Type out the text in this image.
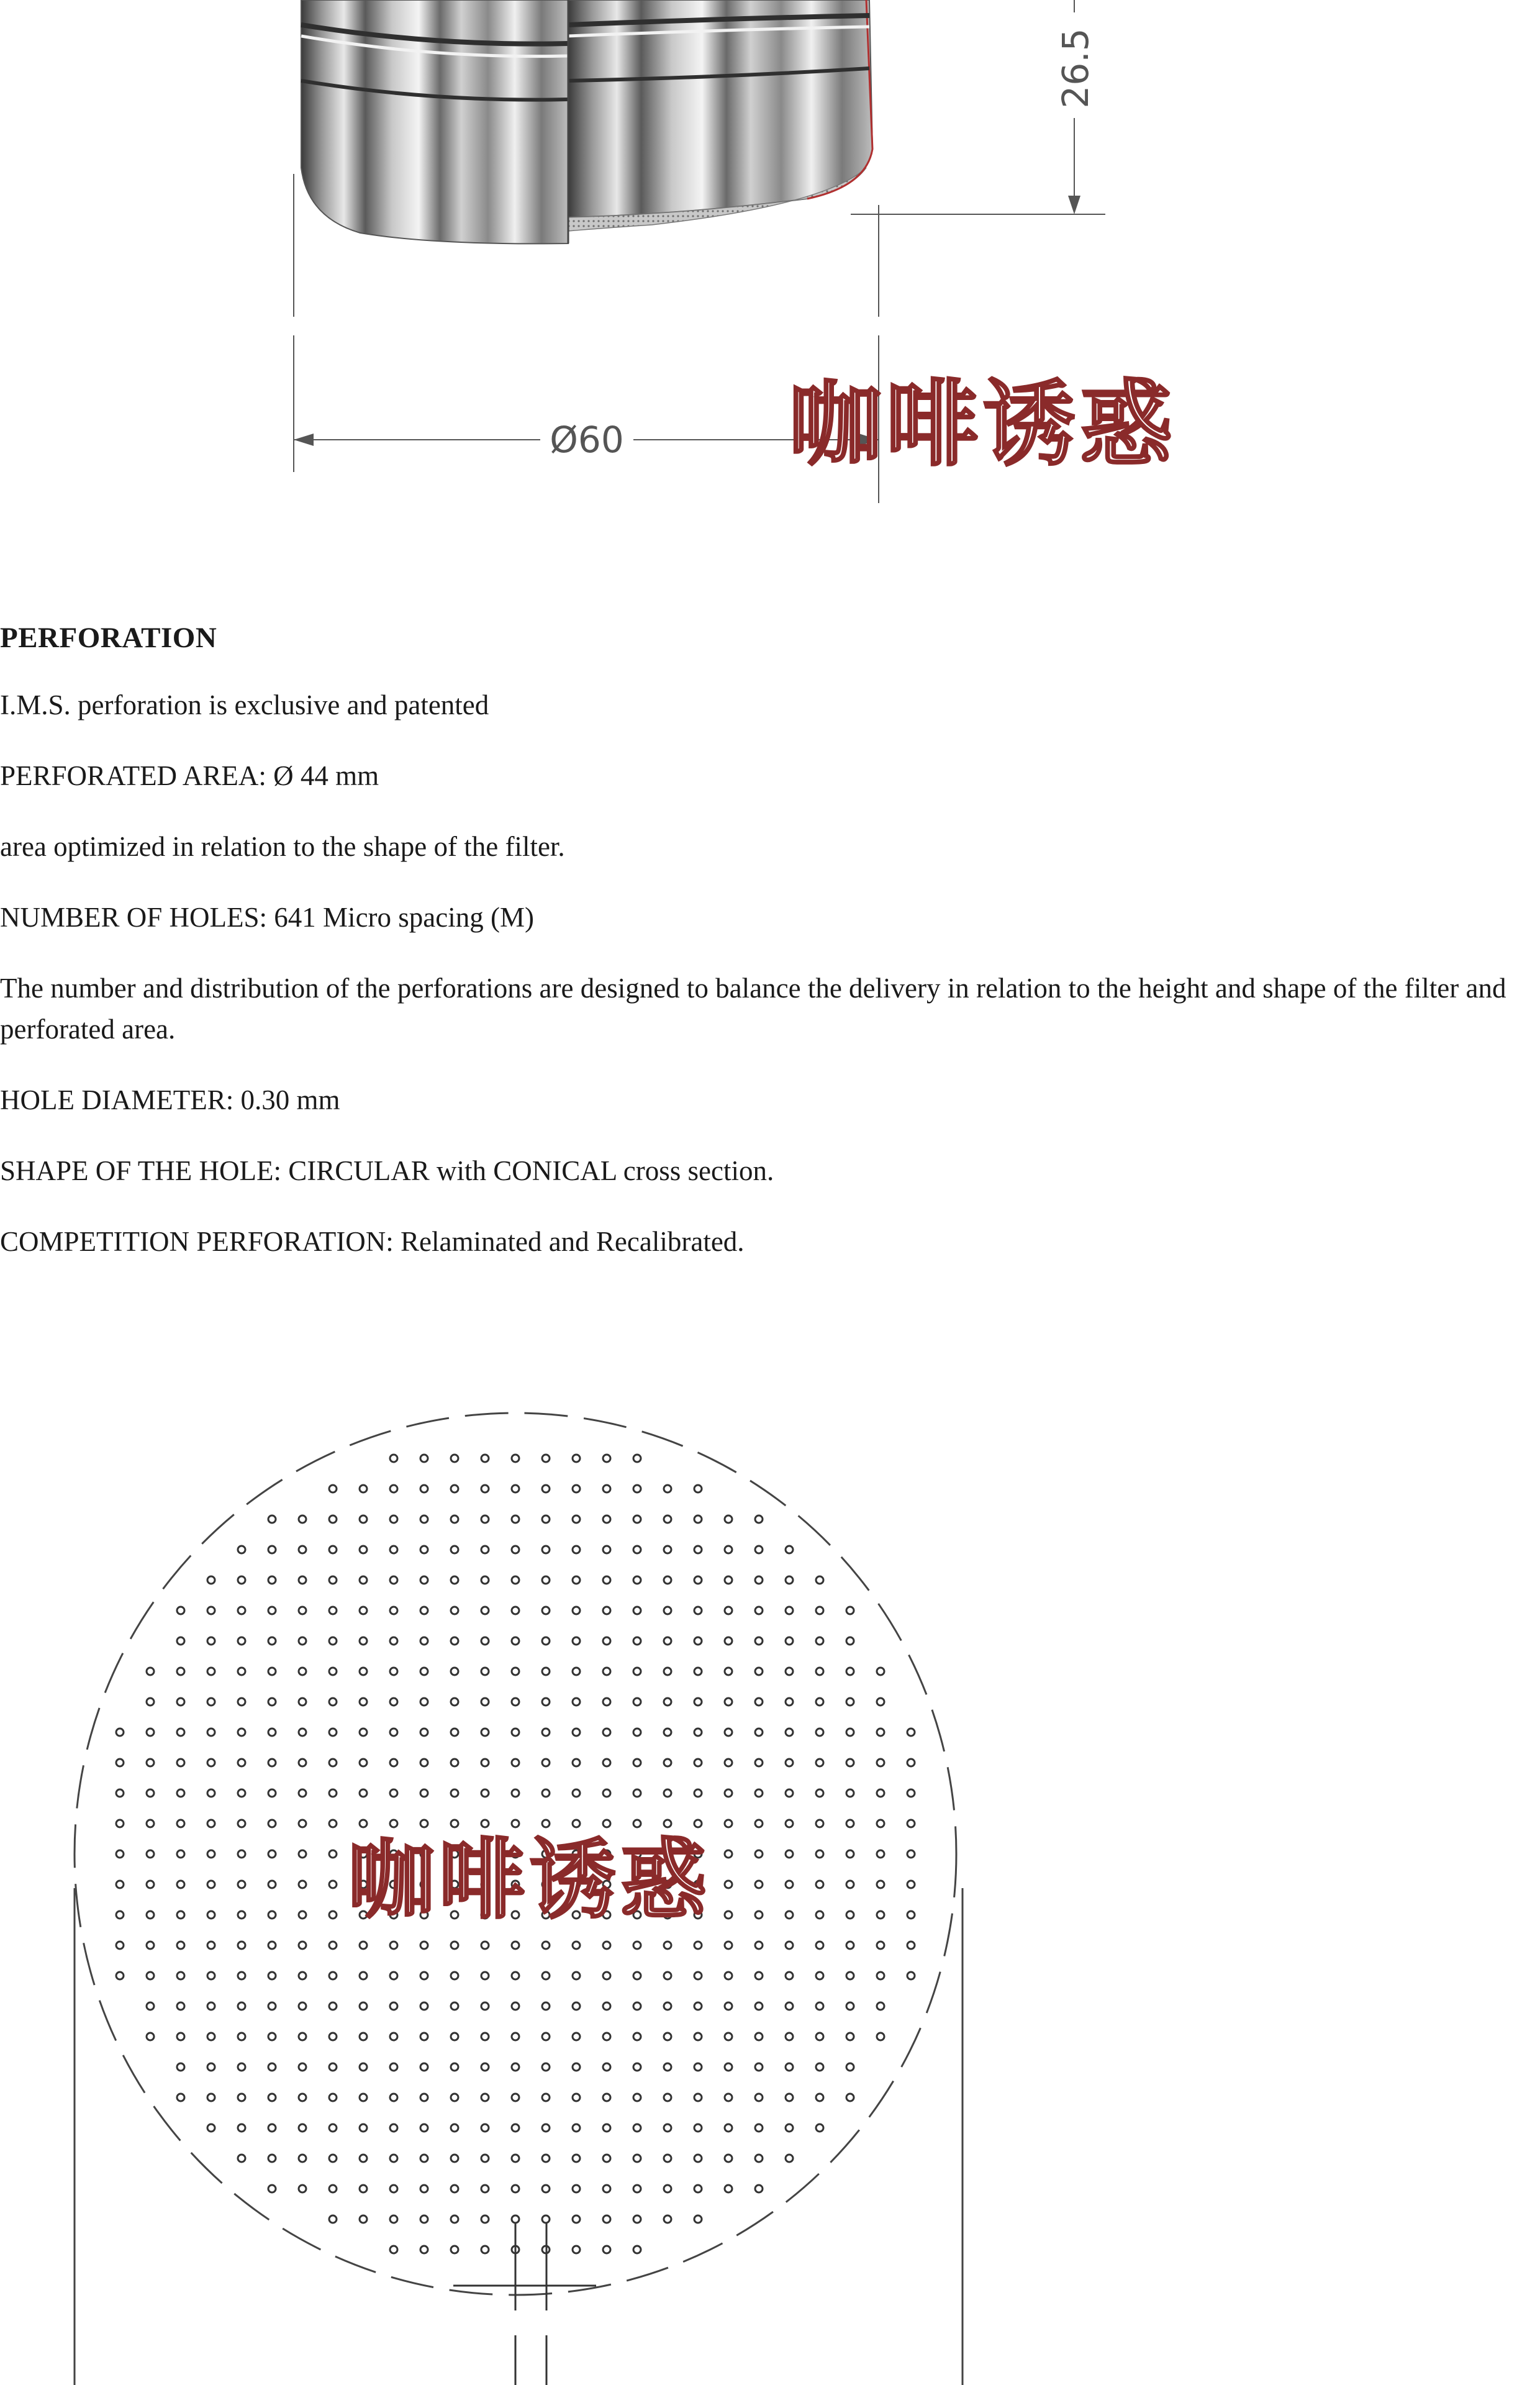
26.5
Ø60 咖啡诱惑
PERFORATION
I.M.S. perforation is exclusive and patented
PERFORATED AREA: Ø 44 mm
area optimized in relation to the shape of the filter.
NUMBER OF HOLES: 641 Micro spacing (M)
The number and distribution of the perforations are designed to balance the delivery in relation to the height and shape of the filter and perforated area.
HOLE DIAMETER: 0.30 mm
SHAPE OF THE HOLE: CIRCULAR with CONICAL cross section.
COMPETITION PERFORATION: Relaminated and Recalibrated.
咖啡诱惑
